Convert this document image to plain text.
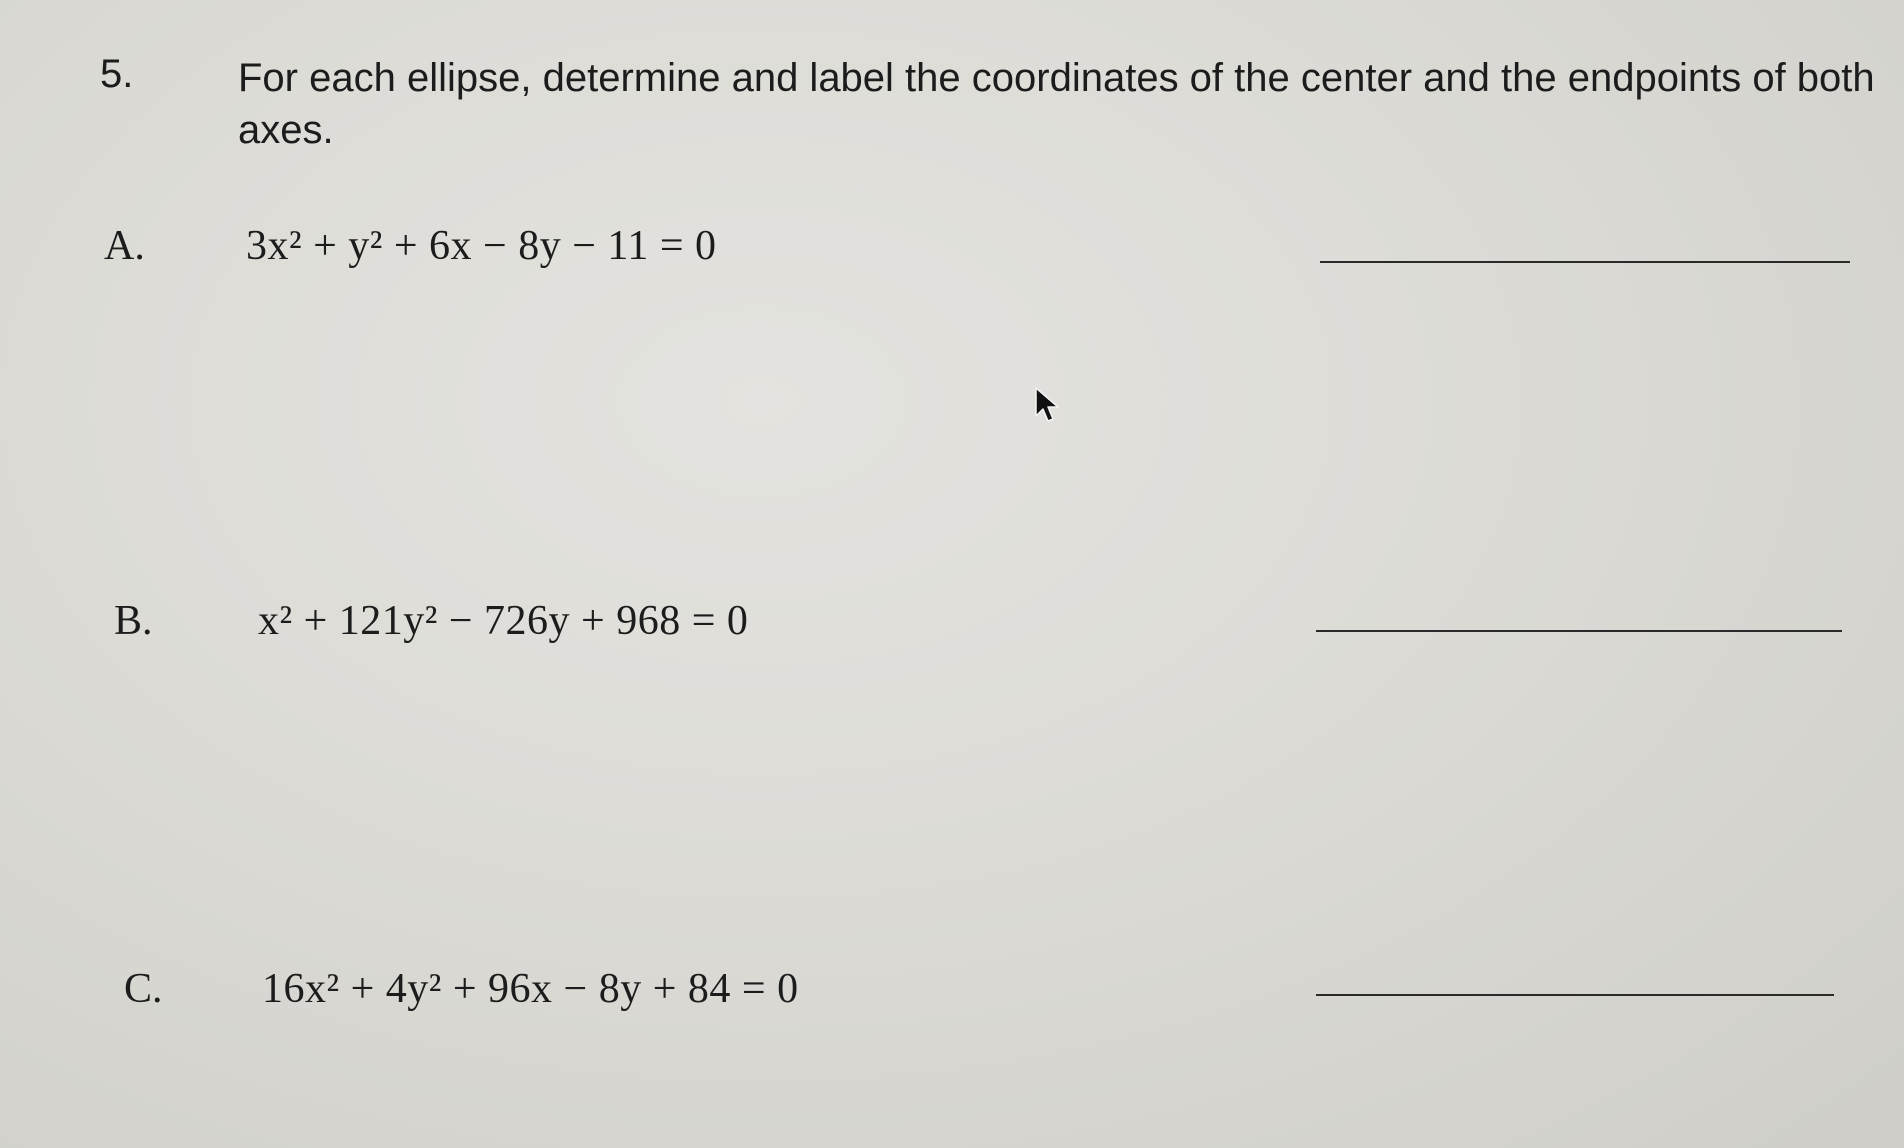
5.	For each ellipse, determine and label the coordinates of the center and the endpoints of both axes.
A. 3x² + y² + 6x − 8y − 11 = 0
B.	x² + 121y² − 726y + 968 = 0
C. 16x² + 4y² + 96x − 8y + 84 = 0
